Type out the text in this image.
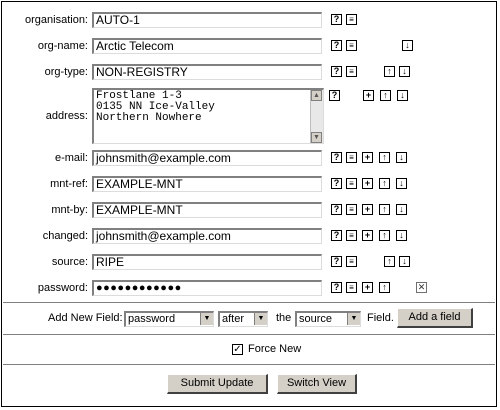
organisation: AUTO-1	?	≡
org-name: Arctic Telecom	?	≡	↓
org-type: NON-REGISTRY	?	≡	↑	↓
address:
Frostlane 1-3
0135 NN Ice-Valley
Northern Nowhere
▲
▼
?	+	↑	↓
e-mail: johnsmith@example.com	?	≡	+	↑	↓
mnt-ref: EXAMPLE-MNT	?	≡	+	↑	↓
mnt-by: EXAMPLE-MNT	?	≡	+	↑	↓
changed: johnsmith@example.com	?	≡	+	↑	↓
source: RIPE	?	≡	↑	↓
password: ●●●●●●●●●●●●	?	≡	+	↑	✕
Add New Field: password	▼	after	▼ the source	▼ Field.	Add a field
✓ Force New
Submit Update	Switch View
